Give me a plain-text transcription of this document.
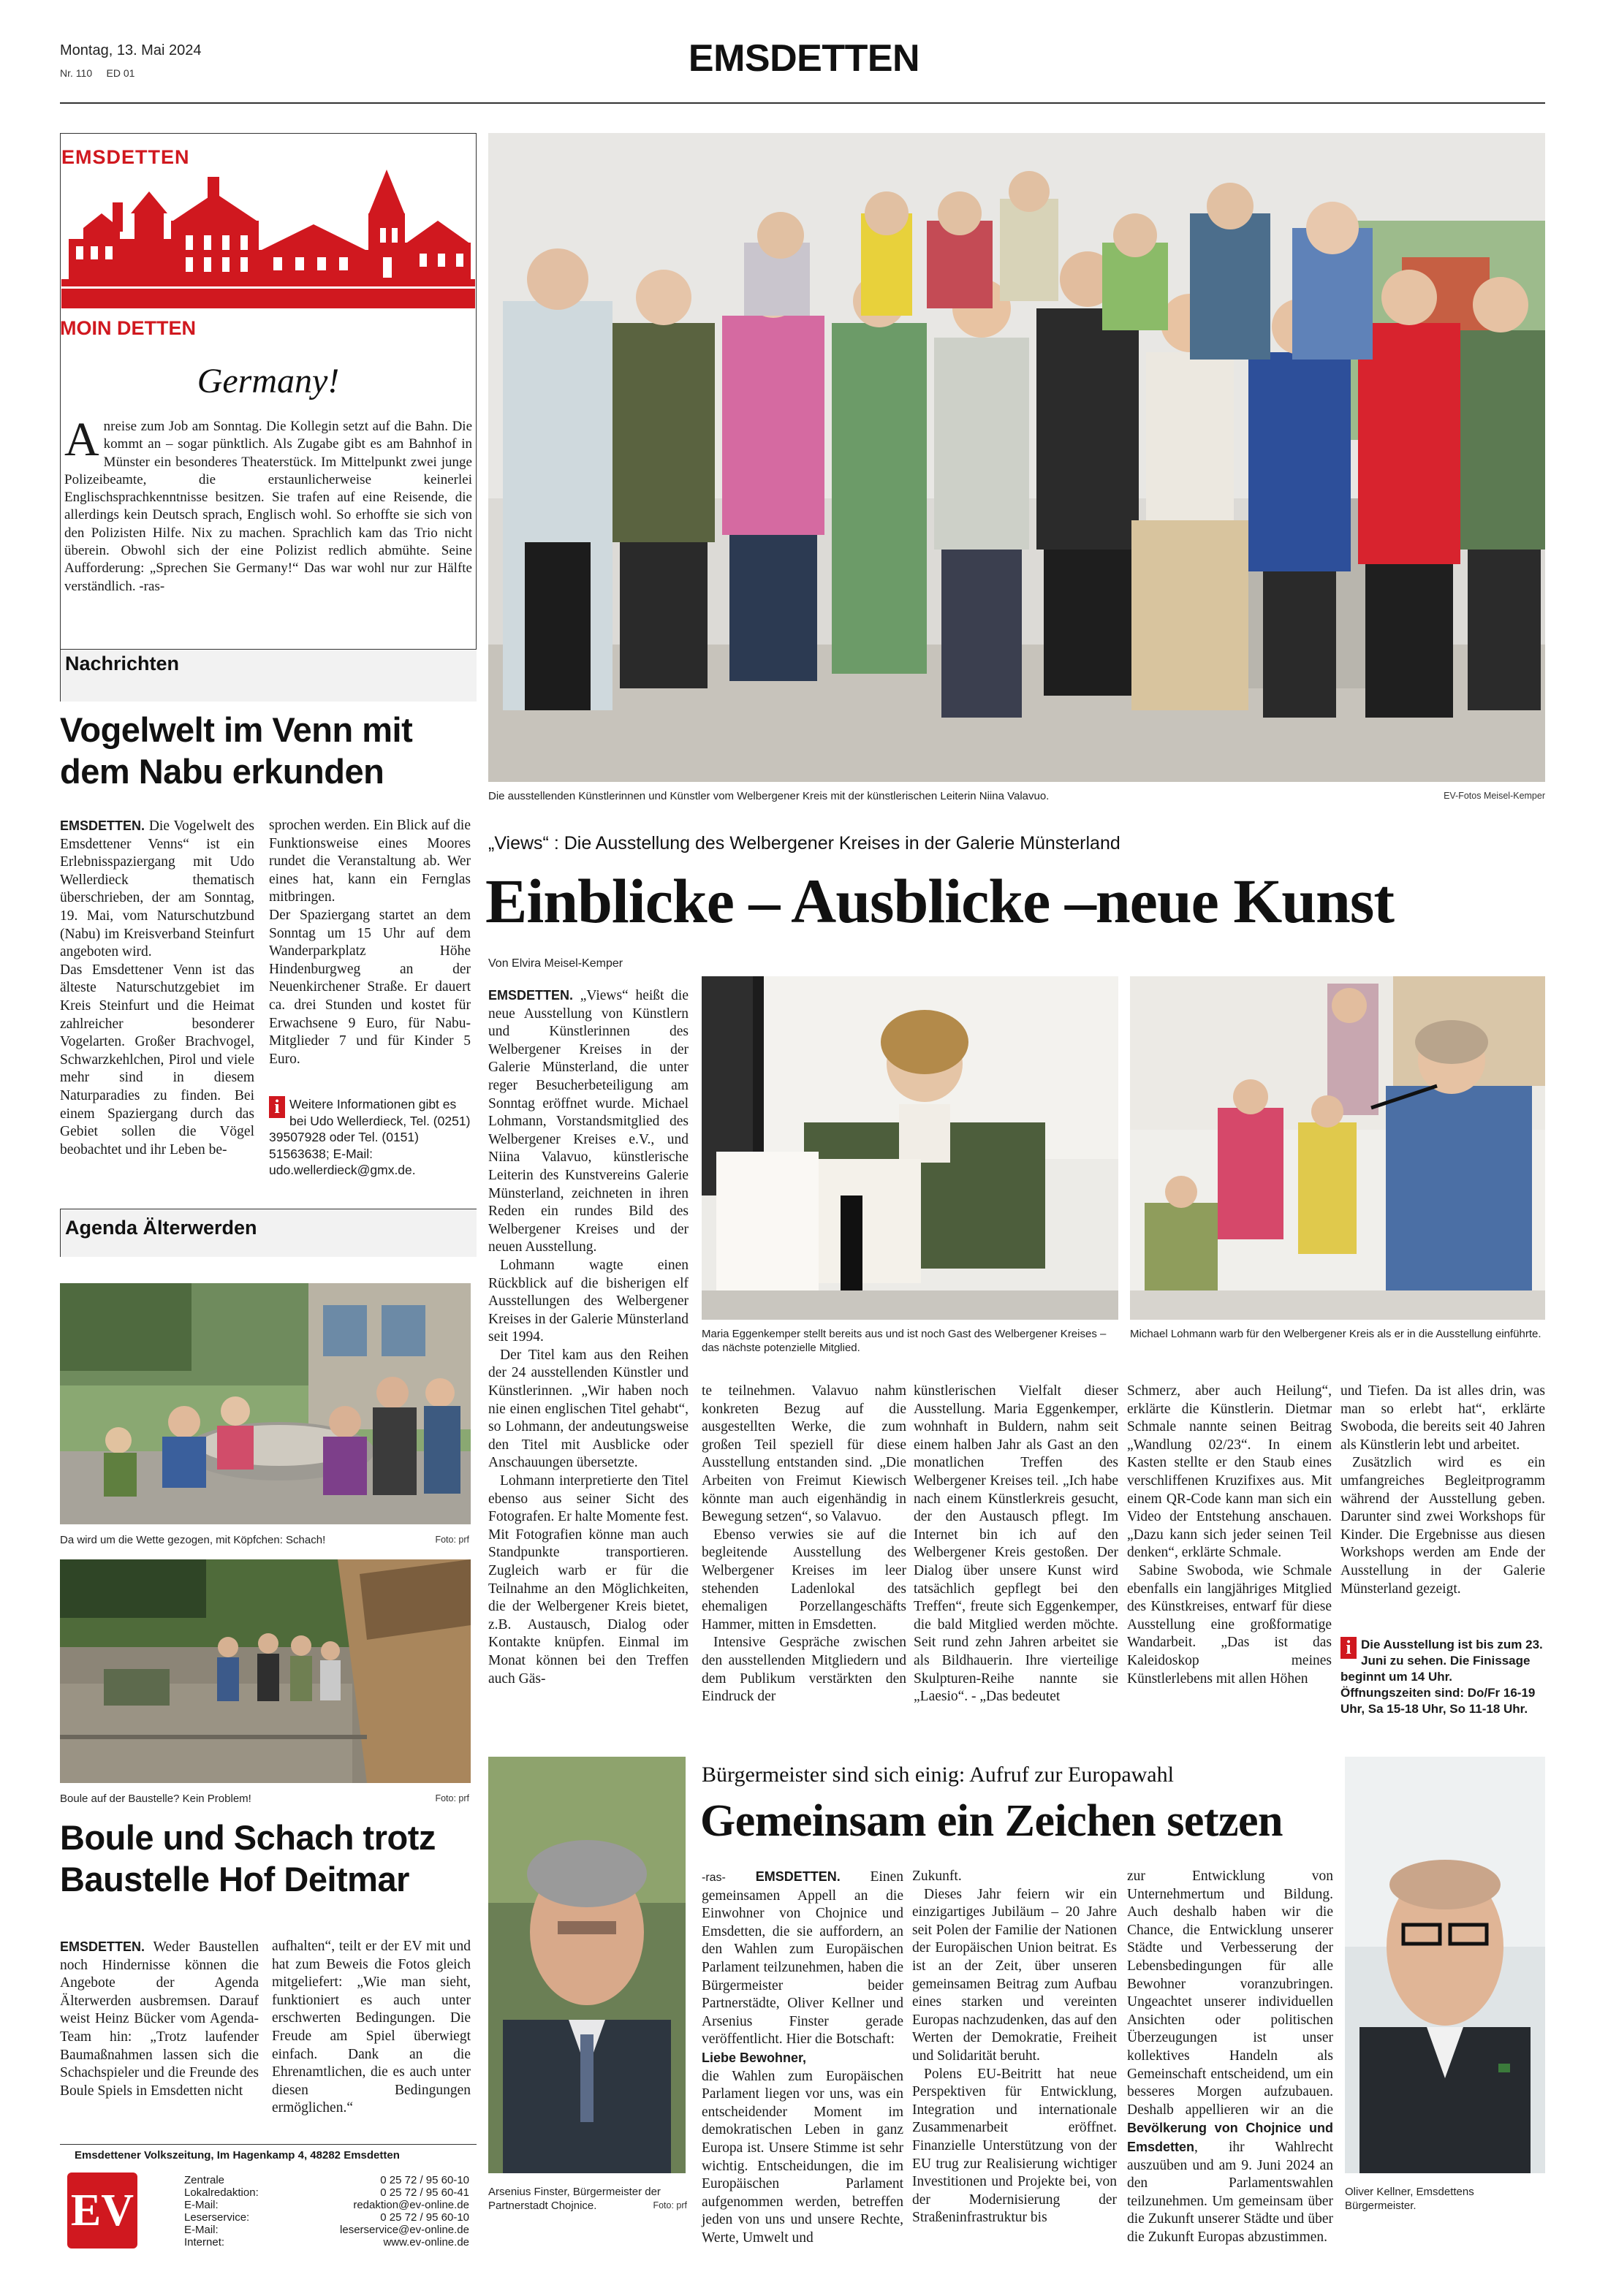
Montag, 13. Mai 2024
Nr. 110     ED 01	EMSDETTEN
EMSDETTEN
MOIN DETTEN
Germany!
A nreise zum Job am Sonntag. Die Kollegin setzt auf die Bahn. Die kommt an – sogar pünktlich. Als Zugabe gibt es am Bahnhof in Münster ein besonderes Theaterstück. Im Mittelpunkt zwei junge Polizeibeamte, die erstaunlicherweise keinerlei Englischsprachkenntnisse besitzen. Sie trafen auf eine Reisende, die allerdings kein Deutsch sprach, Englisch wohl. So erhoffte sie sich von den Polizisten Hilfe. Nix zu machen. Sprachlich kam das Trio nicht überein. Obwohl sich der eine Polizist redlich abmühte. Seine Aufforderung: „Sprechen Sie Germany!“ Das war wohl nur zur Hälfte verständlich. -ras-
Nachrichten
Vogelwelt im Venn mit dem Nabu erkunden

EMSDETTEN. Die Vogelwelt des Emsdettener Venns“ ist ein Erlebnisspaziergang mit Udo Wellerdieck thematisch überschrieben, der am Sonntag, 19. Mai, vom Naturschutzbund (Nabu) im Kreisverband Steinfurt angeboten wird.

Das Emsdettener Venn ist das älteste Naturschutzgebiet im Kreis Steinfurt und die Heimat zahlreicher besonderer Vogelarten. Großer Brachvogel, Schwarzkehlchen, Pirol und viele mehr sind in diesem Naturparadies zu finden. Bei einem Spaziergang durch das Gebiet sollen die Vögel beobachtet und ihr Leben be-

sprochen werden. Ein Blick auf die Funktionsweise eines Moores rundet die Veranstaltung ab. Wer eines hat, kann ein Fernglas mitbringen.

Der Spaziergang startet an dem Sonntag um 15 Uhr auf dem Wanderparkplatz Höhe Hindenburgweg an der Neuenkirchener Straße. Er dauert ca. drei Stunden und kostet für Erwachsene 9 Euro, für Nabu-Mitglieder 7 und für Kinder 5 Euro.

i Weitere Informationen gibt es bei Udo Wellerdieck, Tel. (0251) 39507928 oder Tel. (0151) 51563638; E-Mail: udo.wellerdieck@gmx.de.
Agenda Älterwerden
Da wird um die Wette gezogen, mit Köpfchen: Schach!	Foto: prf
Boule auf der Baustelle? Kein Problem!	Foto: prf
Boule und Schach trotz Baustelle Hof Deitmar

EMSDETTEN. Weder Baustellen noch Hindernisse können die Angebote der Agenda Älterwerden ausbremsen. Darauf weist Heinz Bücker vom Agenda-Team hin: „Trotz laufender Baumaßnahmen lassen sich die Schachspieler und die Freunde des Boule Spiels in Emsdetten nicht

aufhalten“, teilt er der EV mit und hat zum Beweis die Fotos gleich mitgeliefert: „Wie man sieht, funktioniert es auch unter erschwerten Bedingungen. Die Freude am Spiel überwiegt einfach. Dank an die Ehrenamtlichen, die es auch unter diesen Bedingungen ermöglichen.“

Emsdettener Volkszeitung, Im Hagenkamp 4, 48282 Emsdetten
EV
Zentrale	0 25 72 / 95 60-10
Lokalredaktion:	0 25 72 / 95 60-41
E-Mail:	redaktion@ev-online.de
Leserservice:	0 25 72 / 95 60-10
E-Mail:	leserservice@ev-online.de
Internet:	www.ev-online.de
Die ausstellenden Künstlerinnen und Künstler vom Welbergener Kreis mit der künstlerischen Leiterin Niina Valavuo.	EV-Fotos Meisel-Kemper
„Views“ : Die Ausstellung des Welbergener Kreises in der Galerie Münsterland
Einblicke – Ausblicke –neue Kunst
Von Elvira Meisel-Kemper

EMSDETTEN. „Views“ heißt die neue Ausstellung von Künstlern und Künstlerinnen des Welbergener Kreises in der Galerie Münsterland, die unter reger Besucherbeteiligung am Sonntag eröffnet wurde. Michael Lohmann, Vorstandsmitglied des Welbergener Kreises e.V., und Niina Valavuo, künstlerische Leiterin des Kunstvereins Galerie Münsterland, zeichneten in ihren Reden ein rundes Bild des Welbergener Kreises und der neuen Ausstellung.

Lohmann wagte einen Rückblick auf die bisherigen elf Ausstellungen des Welbergener Kreises in der Galerie Münsterland seit 1994.

Der Titel kam aus den Reihen der 24 ausstellenden Künstler und Künstlerinnen. „Wir haben noch nie einen englischen Titel gehabt“, so Lohmann, der andeutungsweise den Titel mit Ausblicke oder Anschauungen übersetzte.

Lohmann interpretierte den Titel ebenso aus seiner Sicht des Fotografen. Er halte Momente fest. Mit Fotografien könne man auch Standpunkte transportieren. Zugleich warb er für die Teilnahme an den Möglichkeiten, die der Welbergener Kreis bietet, z.B. Austausch, Dialog oder Kontakte knüpfen. Einmal im Monat können bei den Treffen auch Gäs-

Maria Eggenkemper stellt bereits aus und ist noch Gast des Welbergener Kreises – das nächste potenzielle Mitglied.
Michael Lohmann warb für den Welbergener Kreis als er in die Ausstellung einführte.

te teilnehmen. Valavuo nahm konkreten Bezug auf die ausgestellten Werke, die zum großen Teil speziell für diese Ausstellung entstanden sind. „Die Arbeiten von Freimut Kiewisch könnte man auch eigenhändig in Bewegung setzen“, so Valavuo.

Ebenso verwies sie auf die begleitende Ausstellung des Welbergener Kreises im leer stehenden Ladenlokal des ehemaligen Porzellangeschäfts Hammer, mitten in Emsdetten.

Intensive Gespräche zwischen den ausstellenden Mitgliedern und dem Publikum verstärkten den Eindruck der

künstlerischen Vielfalt dieser Ausstellung. Maria Eggenkemper, wohnhaft in Buldern, nahm seit einem halben Jahr als Gast an den monatlichen Treffen des Welbergener Kreises teil. „Ich habe nach einem Künstlerkreis gesucht, der den Austausch pflegt. Im Internet bin ich auf den Welbergener Kreis gestoßen. Der Dialog über unsere Kunst wird tatsächlich gepflegt bei den Treffen“, freute sich Eggenkemper, die bald Mitglied werden möchte. Seit rund zehn Jahren arbeitet sie als Bildhauerin. Ihre vierteilige Skulpturen-Reihe nannte sie „Laesio“. - „Das bedeutet

Schmerz, aber auch Heilung“, erklärte die Künstlerin. Dietmar Schmale nannte seinen Beitrag „Wandlung 02/23“. In einem Kasten stellte er den Staub eines verschliffenen Kruzifixes aus. Mit einem QR-Code kann man sich ein Video der Entstehung anschauen. „Dazu kann sich jeder seinen Teil denken“, erklärte Schmale.

Sabine Swoboda, wie Schmale ebenfalls ein langjähriges Mitglied des Künstkreises, entwarf für diese Ausstellung eine großformatige Wandarbeit. „Das ist das Kaleidoskop meines Künstlerlebens mit allen Höhen

und Tiefen. Da ist alles drin, was man so erlebt hat“, erklärte Swoboda, die bereits seit 40 Jahren als Künstlerin lebt und arbeitet.

Zusätzlich wird es ein umfangreiches Begleitprogramm während der Ausstellung geben. Darunter sind zwei Workshops für Kinder. Die Ergebnisse aus diesen Workshops werden am Ende der Ausstellung in der Galerie Münsterland gezeigt.

i Die Ausstellung ist bis zum 23. Juni zu sehen. Die Finissage beginnt um 14 Uhr. Öffnungszeiten sind: Do/Fr 16-19 Uhr, Sa 15-18 Uhr, So 11-18 Uhr.
Arsenius Finster, Bürgermeister der Partnerstadt Chojnice.	Foto: prf
Oliver Kellner, Emsdettens Bürgermeister.
Bürgermeister sind sich einig: Aufruf zur Europawahl
Gemeinsam ein Zeichen setzen

-ras- EMSDETTEN. Einen gemeinsamen Appell an die Einwohner von Chojnice und Emsdetten, die sie auffordern, an den Wahlen zum Europäischen Parlament teilzunehmen, haben die Bürgermeister beider Partnerstädte, Oliver Kellner und Arsenius Finster gerade veröffentlicht. Hier die Botschaft:

Liebe Bewohner,

die Wahlen zum Europäischen Parlament liegen vor uns, was ein entscheidender Moment im demokratischen Leben in ganz Europa ist. Unsere Stimme ist sehr wichtig. Entscheidungen, die im Europäischen Parlament aufgenommen werden, betreffen jeden von uns und unsere Rechte, Werte, Umwelt und

Zukunft.

Dieses Jahr feiern wir ein einzigartiges Jubiläum – 20 Jahre seit Polen der Familie der Nationen der Europäischen Union beitrat. Es ist an der Zeit, über unseren gemeinsamen Beitrag zum Aufbau eines starken und vereinten Europas nachzudenken, das auf den Werten der Demokratie, Freiheit und Solidarität beruht.

Polens EU-Beitritt hat neue Perspektiven für Entwicklung, Integration und internationale Zusammenarbeit eröffnet. Finanzielle Unterstützung von der EU trug zur Realisierung wichtiger Investitionen und Projekte bei, von der Modernisierung der Straßeninfrastruktur bis

zur Entwicklung von Unternehmertum und Bildung. Auch deshalb haben wir die Chance, die Entwicklung unserer Städte und Verbesserung der Lebensbedingungen für alle Bewohner voranzubringen. Ungeachtet unserer individuellen Ansichten oder politischen Überzeugungen ist unser kollektives Handeln als Gemeinschaft entscheidend, um ein besseres Morgen aufzubauen. Deshalb appellieren wir an die Bevölkerung von Chojnice und Emsdetten, ihr Wahlrecht auszuüben und am 9. Juni 2024 an den Parlamentswahlen teilzunehmen. Um gemeinsam über die Zukunft unserer Städte und über die Zukunft Europas abzustimmen.
